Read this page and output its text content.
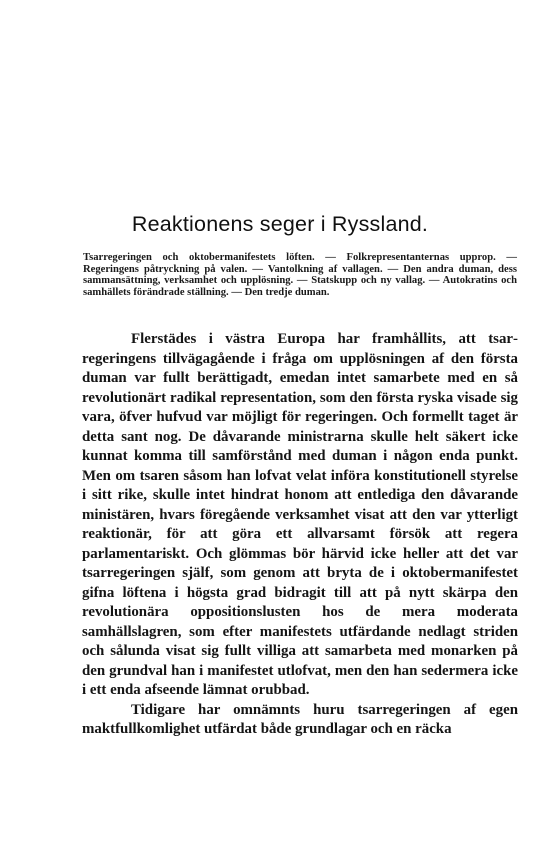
Reaktionens seger i Ryssland.
Tsarregeringen och oktobermanifestets löften. — Folkrepresentanternas upprop. — Regeringens påtryckning på valen. — Vantolkning af vallagen. — Den andra duman, dess sammansättning, verksamhet och upplösning. — Statskupp och ny vallag. — Autokratins och samhällets förändrade ställning. — Den tredje duman.

Flerstädes i västra Europa har framhållits, att tsarregeringens tillvägagående i fråga om upplösningen af den första duman var fullt berättigadt, emedan intet samarbete med en så revolutionärt radikal representation, som den första ryska visade sig vara, öfver hufvud var möjligt för regeringen. Och formellt taget är detta sant nog. De dåvarande ministrarna skulle helt säkert icke kunnat komma till samförstånd med duman i någon enda punkt. Men om tsaren såsom han lofvat velat införa konstitutionell styrelse i sitt rike, skulle intet hindrat honom att entlediga den dåvarande ministären, hvars föregående verksamhet visat att den var ytterligt reaktionär, för att göra ett allvarsamt försök att regera parlamentariskt. Och glömmas bör härvid icke heller att det var tsarregeringen själf, som genom att bryta de i oktobermanifestet gifna löftena i högsta grad bidragit till att på nytt skärpa den revolutionära oppositionslusten hos de mera moderata samhällslagren, som efter manifestets utfärdande nedlagt striden och sålunda visat sig fullt villiga att samarbeta med monarken på den grundval han i manifestet utlofvat, men den han sedermera icke i ett enda afseende lämnat orubbad.

Tidigare har omnämnts huru tsarregeringen af egen maktfullkomlighet utfärdat både grundlagar och en räcka
